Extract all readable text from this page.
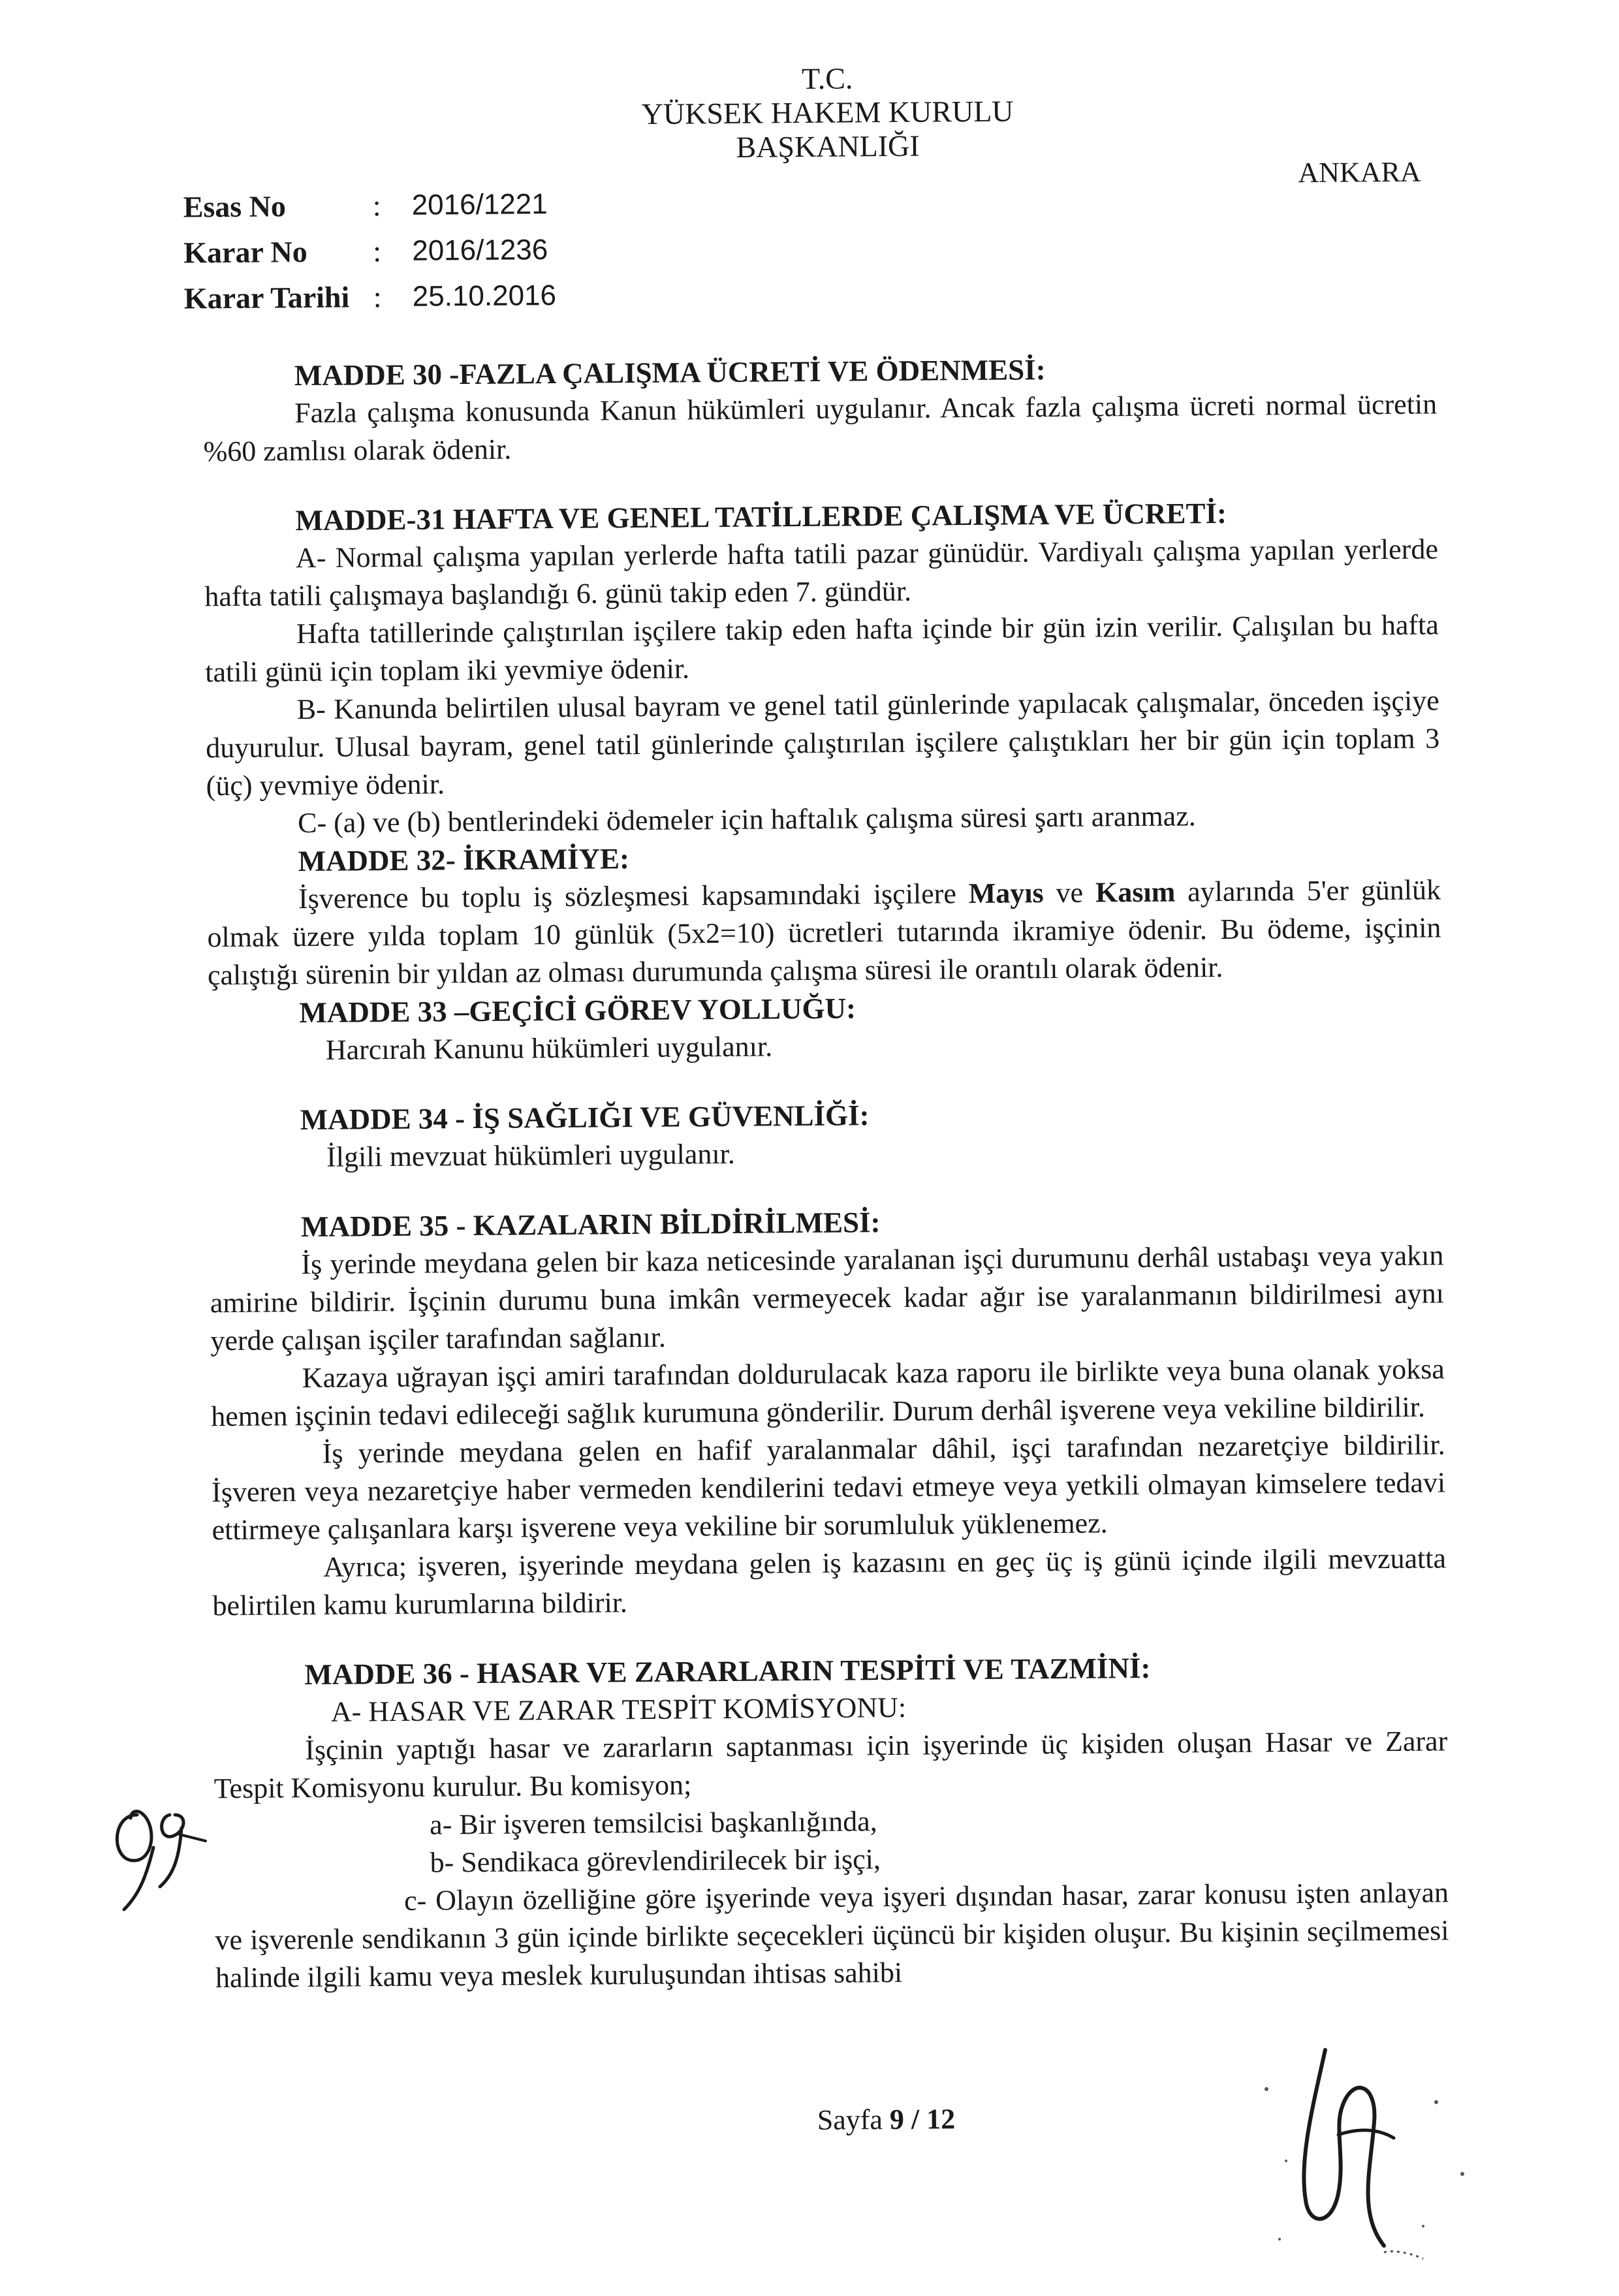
T.C.
YÜKSEK HAKEM KURULU
BAŞKANLIĞI
ANKARA
Esas No	:	2016/1221
Karar No	:	2016/1236
Karar Tarihi :	25.10.2016

MADDE 30 -FAZLA ÇALIŞMA ÜCRETİ VE ÖDENMESİ:

Fazla çalışma konusunda Kanun hükümleri uygulanır. Ancak fazla çalışma ücreti normal ücretin %60 zamlısı olarak ödenir.

MADDE-31 HAFTA VE GENEL TATİLLERDE ÇALIŞMA VE ÜCRETİ:

A- Normal çalışma yapılan yerlerde hafta tatili pazar günüdür. Vardiyalı çalışma yapılan yerlerde hafta tatili çalışmaya başlandığı 6. günü takip eden 7. gündür.

Hafta tatillerinde çalıştırılan işçilere takip eden hafta içinde bir gün izin verilir. Çalışılan bu hafta tatili günü için toplam iki yevmiye ödenir.

B- Kanunda belirtilen ulusal bayram ve genel tatil günlerinde yapılacak çalışmalar, önceden işçiye duyurulur. Ulusal bayram, genel tatil günlerinde çalıştırılan işçilere çalıştıkları her bir gün için toplam 3 (üç) yevmiye ödenir.

C- (a) ve (b) bentlerindeki ödemeler için haftalık çalışma süresi şartı aranmaz.

MADDE 32- İKRAMİYE:

İşverence bu toplu iş sözleşmesi kapsamındaki işçilere Mayıs ve Kasım aylarında 5'er günlük olmak üzere yılda toplam 10 günlük (5x2=10) ücretleri tutarında ikramiye ödenir. Bu ödeme, işçinin çalıştığı sürenin bir yıldan az olması durumunda çalışma süresi ile orantılı olarak ödenir.

MADDE 33 –GEÇİCİ GÖREV YOLLUĞU:

Harcırah Kanunu hükümleri uygulanır.

MADDE 34 - İŞ SAĞLIĞI VE GÜVENLİĞİ:

İlgili mevzuat hükümleri uygulanır.

MADDE 35 - KAZALARIN BİLDİRİLMESİ:

İş yerinde meydana gelen bir kaza neticesinde yaralanan işçi durumunu derhâl ustabaşı veya yakın amirine bildirir. İşçinin durumu buna imkân vermeyecek kadar ağır ise yaralanmanın bildirilmesi aynı yerde çalışan işçiler tarafından sağlanır.

Kazaya uğrayan işçi amiri tarafından doldurulacak kaza raporu ile birlikte veya buna olanak yoksa hemen işçinin tedavi edileceği sağlık kurumuna gönderilir. Durum derhâl işverene veya vekiline bildirilir.

İş yerinde meydana gelen en hafif yaralanmalar dâhil, işçi tarafından nezaretçiye bildirilir. İşveren veya nezaretçiye haber vermeden kendilerini tedavi etmeye veya yetkili olmayan kimselere tedavi ettirmeye çalışanlara karşı işverene veya vekiline bir sorumluluk yüklenemez.

Ayrıca; işveren, işyerinde meydana gelen iş kazasını en geç üç iş günü içinde ilgili mevzuatta belirtilen kamu kurumlarına bildirir.

MADDE 36 - HASAR VE ZARARLARIN TESPİTİ VE TAZMİNİ:

A- HASAR VE ZARAR TESPİT KOMİSYONU:

İşçinin yaptığı hasar ve zararların saptanması için işyerinde üç kişiden oluşan Hasar ve Zarar Tespit Komisyonu kurulur. Bu komisyon;

a- Bir işveren temsilcisi başkanlığında,

b- Sendikaca görevlendirilecek bir işçi,

c- Olayın özelliğine göre işyerinde veya işyeri dışından hasar, zarar konusu işten anlayan ve işverenle sendikanın 3 gün içinde birlikte seçecekleri üçüncü bir kişiden oluşur. Bu kişinin seçilmemesi halinde ilgili kamu veya meslek kuruluşundan ihtisas sahibi

Sayfa 9 / 12
